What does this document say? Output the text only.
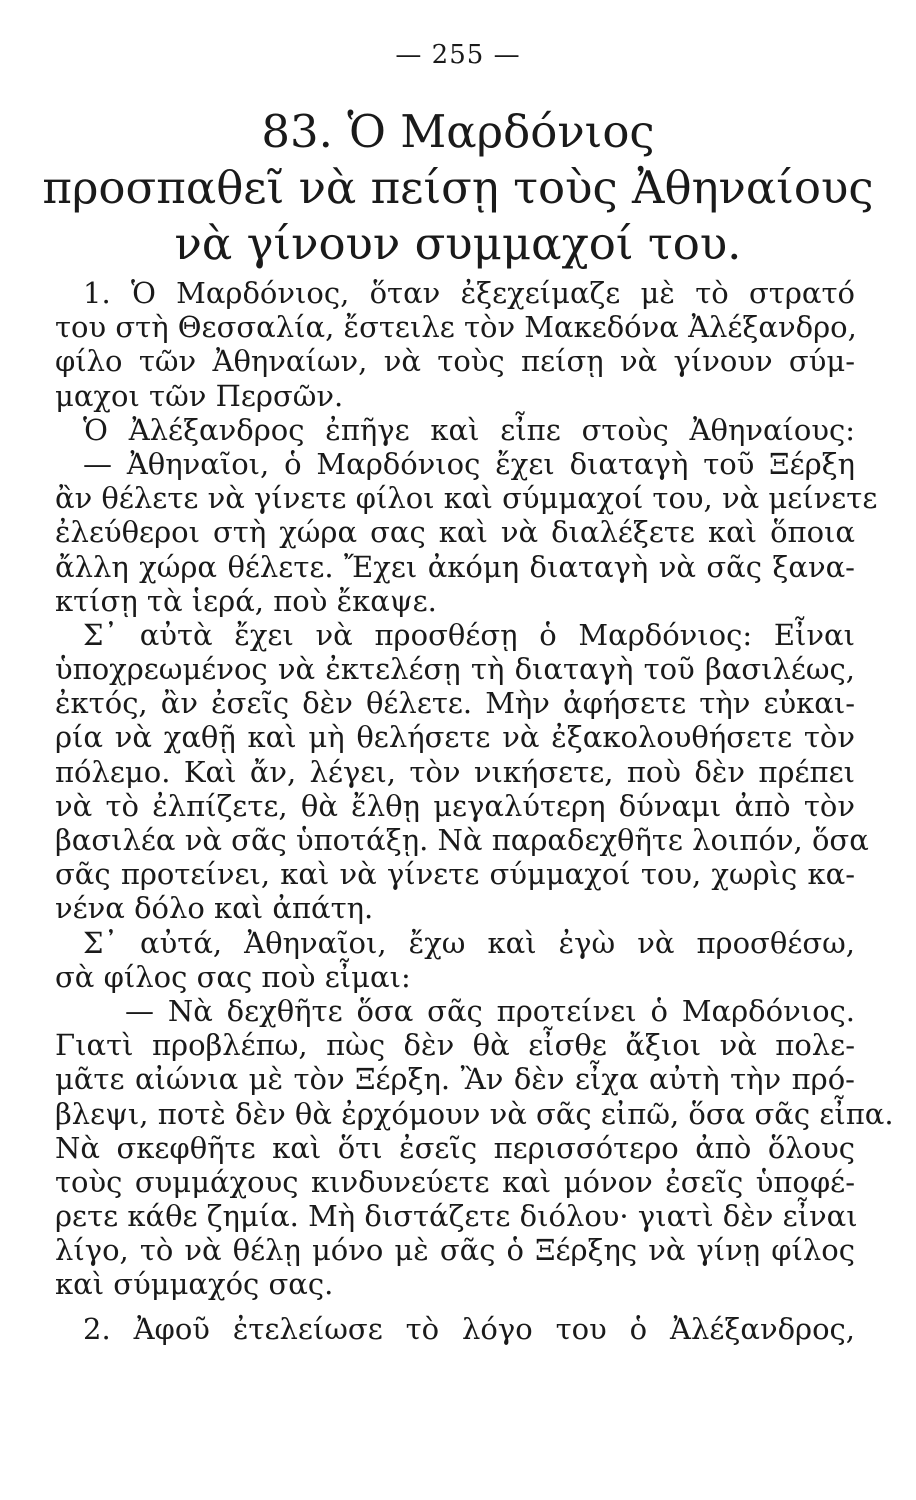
— 255 —
83. Ὁ Μαρδόνιος
προσπαθεῖ νὰ πείσῃ τοὺς Ἀθηναίους
νὰ γίνουν συμμαχοί του.
1. Ὁ Μαρδόνιος, ὅταν ἐξεχείμαζε μὲ τὸ στρατό
του στὴ Θεσσαλία, ἔστειλε τὸν Μακεδόνα Ἀλέξανδρο,
φίλο τῶν Ἀθηναίων, νὰ τοὺς πείσῃ νὰ γίνουν σύμ-
μαχοι τῶν Περσῶν.
Ὁ Ἀλέξανδρος ἐπῆγε καὶ εἶπε στοὺς Ἀθηναίους:
— Ἀθηναῖοι, ὁ Μαρδόνιος ἔχει διαταγὴ τοῦ Ξέρξη
ἂν θέλετε νὰ γίνετε φίλοι καὶ σύμμαχοί του, νὰ μείνετε
ἐλεύθεροι στὴ χώρα σας καὶ νὰ διαλέξετε καὶ ὅποια
ἄλλη χώρα θέλετε. Ἔχει ἀκόμη διαταγὴ νὰ σᾶς ξανα-
κτίσῃ τὰ ἱερά, ποὺ ἔκαψε.
Σ᾽ αὐτὰ ἔχει νὰ προσθέσῃ ὁ Μαρδόνιος: Εἶναι
ὑποχρεωμένος νὰ ἐκτελέσῃ τὴ διαταγὴ τοῦ βασιλέως,
ἐκτός, ἂν ἐσεῖς δὲν θέλετε. Μὴν ἀφήσετε τὴν εὐκαι-
ρία νὰ χαθῇ καὶ μὴ θελήσετε νὰ ἐξακολουθήσετε τὸν
πόλεμο. Καὶ ἄν, λέγει, τὸν νικήσετε, ποὺ δὲν πρέπει
νὰ τὸ ἐλπίζετε, θὰ ἔλθῃ μεγαλύτερη δύναμι ἀπὸ τὸν
βασιλέα νὰ σᾶς ὑποτάξῃ. Νὰ παραδεχθῆτε λοιπόν, ὅσα
σᾶς προτείνει, καὶ νὰ γίνετε σύμμαχοί του, χωρὶς κα-
νένα δόλο καὶ ἀπάτη.
Σ᾽ αὐτά, Ἀθηναῖοι, ἔχω καὶ ἐγὼ νὰ προσθέσω,
σὰ φίλος σας ποὺ εἶμαι:
— Νὰ δεχθῆτε ὅσα σᾶς προτείνει ὁ Μαρδόνιος.
Γιατὶ προβλέπω, πὼς δὲν θὰ εἶσθε ἄξιοι νὰ πολε-
μᾶτε αἰώνια μὲ τὸν Ξέρξη. Ἂν δὲν εἶχα αὐτὴ τὴν πρό-
βλεψι, ποτὲ δὲν θὰ ἐρχόμουν νὰ σᾶς εἰπῶ, ὅσα σᾶς εἶπα.
Νὰ σκεφθῆτε καὶ ὅτι ἐσεῖς περισσότερο ἀπὸ ὅλους
τοὺς συμμάχους κινδυνεύετε καὶ μόνον ἐσεῖς ὑποφέ-
ρετε κάθε ζημία. Μὴ διστάζετε διόλου· γιατὶ δὲν εἶναι
λίγο, τὸ νὰ θέλῃ μόνο μὲ σᾶς ὁ Ξέρξης νὰ γίνῃ φίλος
καὶ σύμμαχός σας.
2. Ἀφοῦ ἐτελείωσε τὸ λόγο του ὁ Ἀλέξανδρος,
